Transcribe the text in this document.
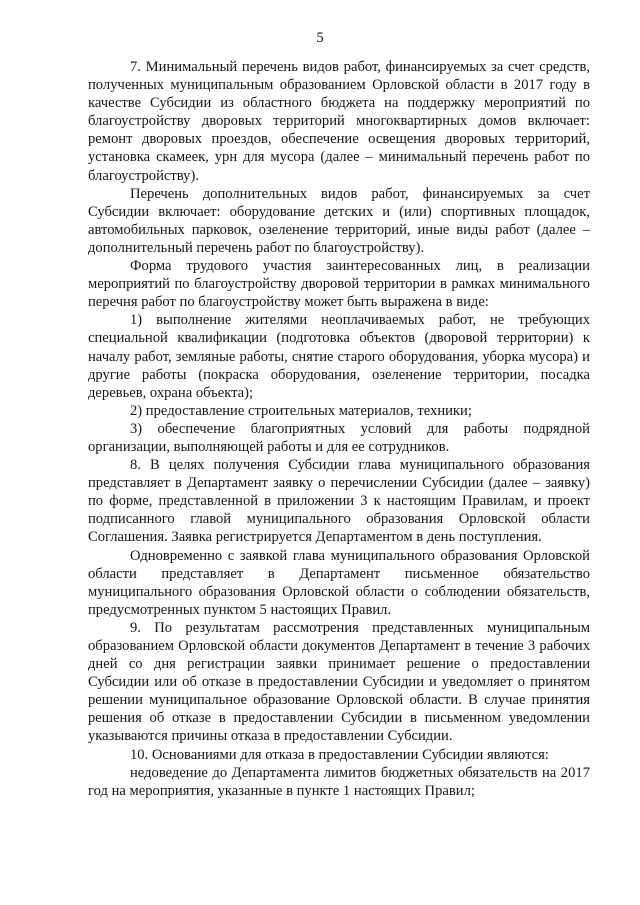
5

7. Минимальный перечень видов работ, финансируемых за счет средств, полученных муниципальным образованием Орловской области в 2017 году в качестве Субсидии из областного бюджета на поддержку мероприятий по благоустройству дворовых территорий многоквартирных домов включает: ремонт дворовых проездов, обеспечение освещения дворовых территорий, установка скамеек, урн для мусора (далее – минимальный перечень работ по благоустройству).

Перечень дополнительных видов работ, финансируемых за счет Субсидии включает: оборудование детских и (или) спортивных площадок, автомобильных парковок, озеленение территорий, иные виды работ (далее – дополнительный перечень работ по благоустройству).

Форма трудового участия заинтересованных лиц, в реализации мероприятий по благоустройству дворовой территории в рамках минимального перечня работ по благоустройству может быть выражена в виде:

1) выполнение жителями неоплачиваемых работ, не требующих специальной квалификации (подготовка объектов (дворовой территории) к началу работ, земляные работы, снятие старого оборудования, уборка мусора) и другие работы (покраска оборудования, озеленение территории, посадка деревьев, охрана объекта);

2) предоставление строительных материалов, техники;

3) обеспечение благоприятных условий для работы подрядной организации, выполняющей работы и для ее сотрудников.

8. В целях получения Субсидии глава муниципального образования представляет в Департамент заявку о перечислении Субсидии (далее – заявку) по форме, представленной в приложении 3 к настоящим Правилам, и проект подписанного главой муниципального образования Орловской области Соглашения. Заявка регистрируется Департаментом в день поступления.

Одновременно с заявкой глава муниципального образования Орловской области представляет в Департамент письменное обязательство муниципального образования Орловской области о соблюдении обязательств, предусмотренных пунктом 5 настоящих Правил.

9. По результатам рассмотрения представленных муниципальным образованием Орловской области документов Департамент в течение 3 рабочих дней со дня регистрации заявки принимает решение о предоставлении Субсидии или об отказе в предоставлении Субсидии и уведомляет о принятом решении муниципальное образование Орловской области. В случае принятия решения об отказе в предоставлении Субсидии в письменном уведомлении указываются причины отказа в предоставлении Субсидии.

10. Основаниями для отказа в предоставлении Субсидии являются:

недоведение до Департамента лимитов бюджетных обязательств на 2017 год на мероприятия, указанные в пункте 1 настоящих Правил;
